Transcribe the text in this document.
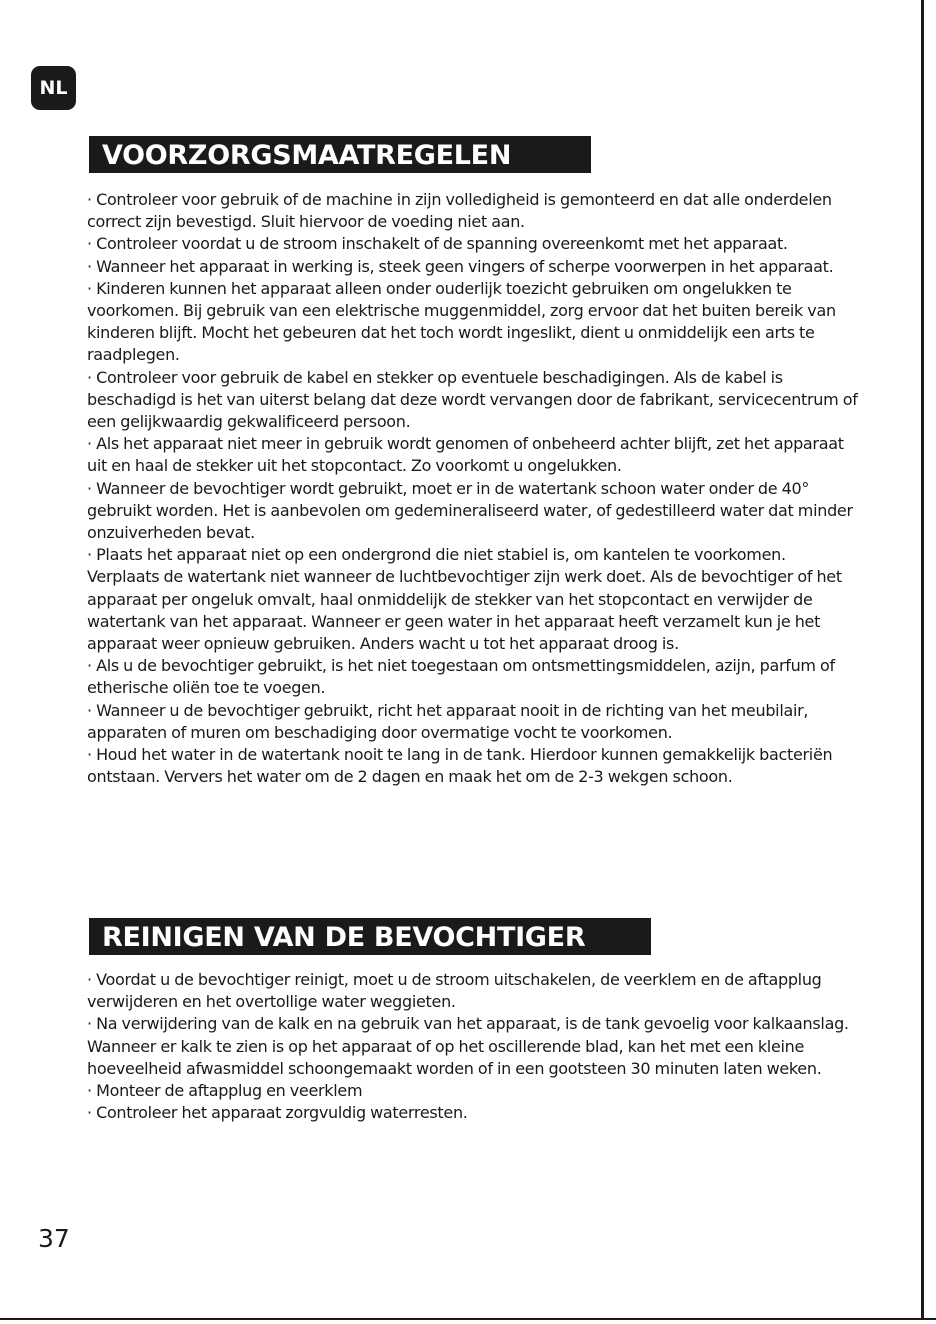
NL
VOORZORGSMAATREGELEN

· Controleer voor gebruik of de machine in zijn volledigheid is gemonteerd en dat alle onderdelen correct zijn bevestigd. Sluit hiervoor de voeding niet aan.

· Controleer voordat u de stroom inschakelt of de spanning overeenkomt met het apparaat.

· Wanneer het apparaat in werking is, steek geen vingers of scherpe voorwerpen in het apparaat.

· Kinderen kunnen het apparaat alleen onder ouderlijk toezicht gebruiken om ongelukken te voorkomen. Bij gebruik van een elektrische muggenmiddel, zorg ervoor dat het buiten bereik van kinderen blijft. Mocht het gebeuren dat het toch wordt ingeslikt, dient u onmiddelijk een arts te raadplegen.

· Controleer voor gebruik de kabel en stekker op eventuele beschadigingen. Als de kabel is beschadigd is het van uiterst belang dat deze wordt vervangen door de fabrikant, servicecentrum of een gelijkwaardig gekwalificeerd persoon.

· Als het apparaat niet meer in gebruik wordt genomen of onbeheerd achter blijft, zet het apparaat uit en haal de stekker uit het stopcontact. Zo voorkomt u ongelukken.

· Wanneer de bevochtiger wordt gebruikt, moet er in de watertank schoon water onder de 40° gebruikt worden. Het is aanbevolen om gedemineraliseerd water, of gedestilleerd water dat minder onzuiverheden bevat.

· Plaats het apparaat niet op een ondergrond die niet stabiel is, om kantelen te voorkomen. Verplaats de watertank niet wanneer de luchtbevochtiger zijn werk doet. Als de bevochtiger of het apparaat per ongeluk omvalt, haal onmiddelijk de stekker van het stopcontact en verwijder de watertank van het apparaat. Wanneer er geen water in het apparaat heeft verzamelt kun je het apparaat weer opnieuw gebruiken. Anders wacht u tot het apparaat droog is.

· Als u de bevochtiger gebruikt, is het niet toegestaan om ontsmettingsmiddelen, azijn, parfum of etherische oliën toe te voegen.

· Wanneer u de bevochtiger gebruikt, richt het apparaat nooit in de richting van het meubilair, apparaten of muren om beschadiging door overmatige vocht te voorkomen.

· Houd het water in de watertank nooit te lang in de tank. Hierdoor kunnen gemakkelijk bacteriën ontstaan. Ververs het water om de 2 dagen en maak het om de 2-3 wekgen schoon.

REINIGEN VAN DE BEVOCHTIGER

· Voordat u de bevochtiger reinigt, moet u de stroom uitschakelen, de veerklem en de aftapplug verwijderen en het overtollige water weggieten.

· Na verwijdering van de kalk en na gebruik van het apparaat, is de tank gevoelig voor kalkaanslag. Wanneer er kalk te zien is op het apparaat of op het oscillerende blad, kan het met een kleine hoeveelheid afwasmiddel schoongemaakt worden of in een gootsteen 30 minuten laten weken.

· Monteer de aftapplug en veerklem

· Controleer het apparaat zorgvuldig waterresten.

37
